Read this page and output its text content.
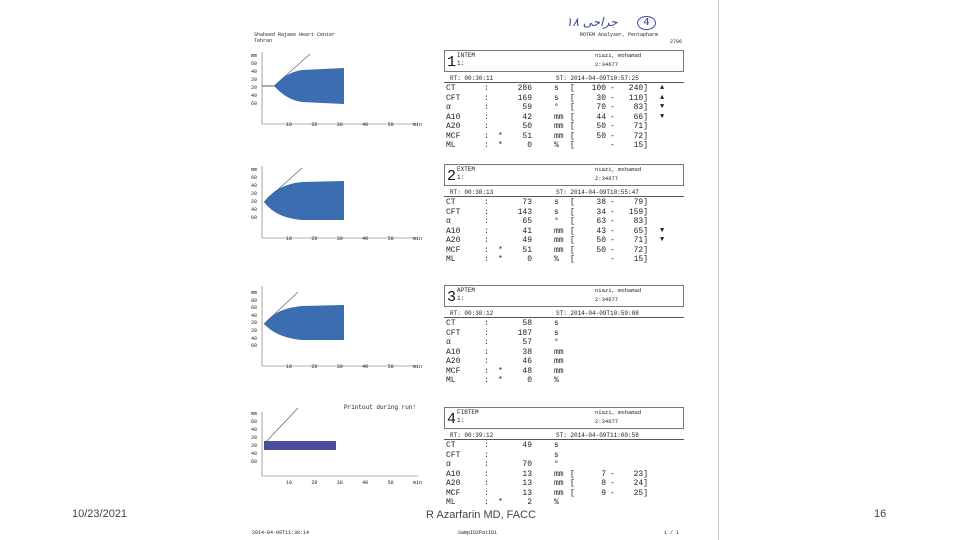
Shaheed Rajaee Heart Center
Tehran
ROTEM Analyser, Pentapharm
2706
جراحی ۱۸	4
mm
60
40
20
20
40
60
10	20	30	40	50	min
mm
60
40
20
20
40
60
10	20	30	40	50	min
mm
80
60
40
20
20
40
60
10	20	30	40	50	min
Printout during run!
mm
60
40
20
20
40
60
10	20	30	40	50	min
1 INTEM
1:
niazi, mohamad
2:34677
RT: 00:30:11	ST: 2014-04-09T10:57:25
CT	:	286	s [	100 -	240] ▲
CFT	:	169	s [	30 -	110] ▲
α	:	59	° [	70 -	83] ▼
A10	:	42	mm [	44 -	66] ▼
A20	:	50	mm [	50 -	71]
MCF	: *	51	mm [	50 -	72]
ML	: *	0	% [	-	15]
2 EXTEM
1:
niazi, mohamad
2:34677
RT: 00:30:13	ST: 2014-04-09T10:55:47
CT	:	73	s [	38 -	79]
CFT	:	143	s [	34 -	159]
α	:	65	° [	63 -	83]
A10	:	41	mm [	43 -	65] ▼
A20	:	49	mm [	50 -	71] ▼
MCF	: *	51	mm [	50 -	72]
ML	: *	0	% [	-	15]
3 APTEM
1:
niazi, mohamad
2:34677
RT: 00:30:12	ST: 2014-04-09T10:59:08
CT	:	58	s
CFT	:	187	s
α	:	57	°
A10	:	38	mm
A20	:	46	mm
MCF	: *	48	mm
ML	: *	0	%
4 FIBTEM
1:
niazi, mohamad
2:34677
RT: 00:39:12	ST: 2014-04-09T11:00:58
CT	:	49	s
CFT	:	s
α	:	70	°
A10	:	13	mm [	7 -	23]
A20	:	13	mm [	8 -	24]
MCF	:	13	mm [	9 -	25]
ML	: *	2	%
2014-04-09T11:30:14	SampID2PatID1	1 / 1
10/23/2021	R Azarfarin MD, FACC	16
